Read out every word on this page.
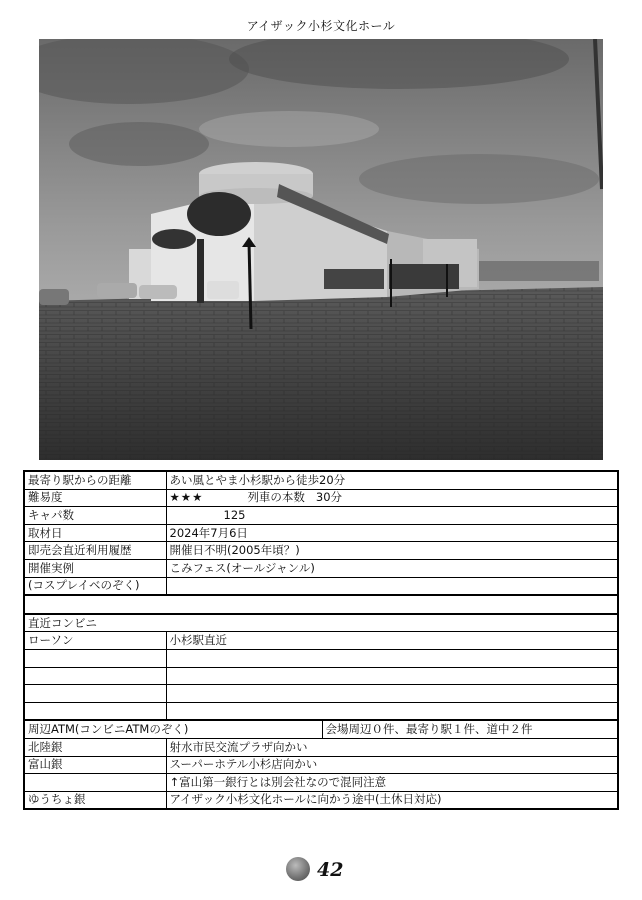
アイザック小杉文化ホール
最寄り駅からの距離	あい風とやま小杉駅から徒歩20分	
難易度	★★★ 列車の本数 30分	
キャパ数	125	
取材日	2024年7月6日	
即売会直近利用履歴	開催日不明(2005年頃？)	
開催実例	こみフェス(オールジャンル)	
(コスプレイベのぞく)		

直近コンビニ		
ローソン	小杉駅直近	

周辺ATM(コンビニATMのぞく)		会場周辺０件、最寄り駅１件、道中２件
北陸銀	射水市民交流プラザ向かい	
富山銀	スーパーホテル小杉店向かい	
	↑富山第一銀行とは別会社なので混同注意	
ゆうちょ銀	アイザック小杉文化ホールに向かう途中(土休日対応)	
42
